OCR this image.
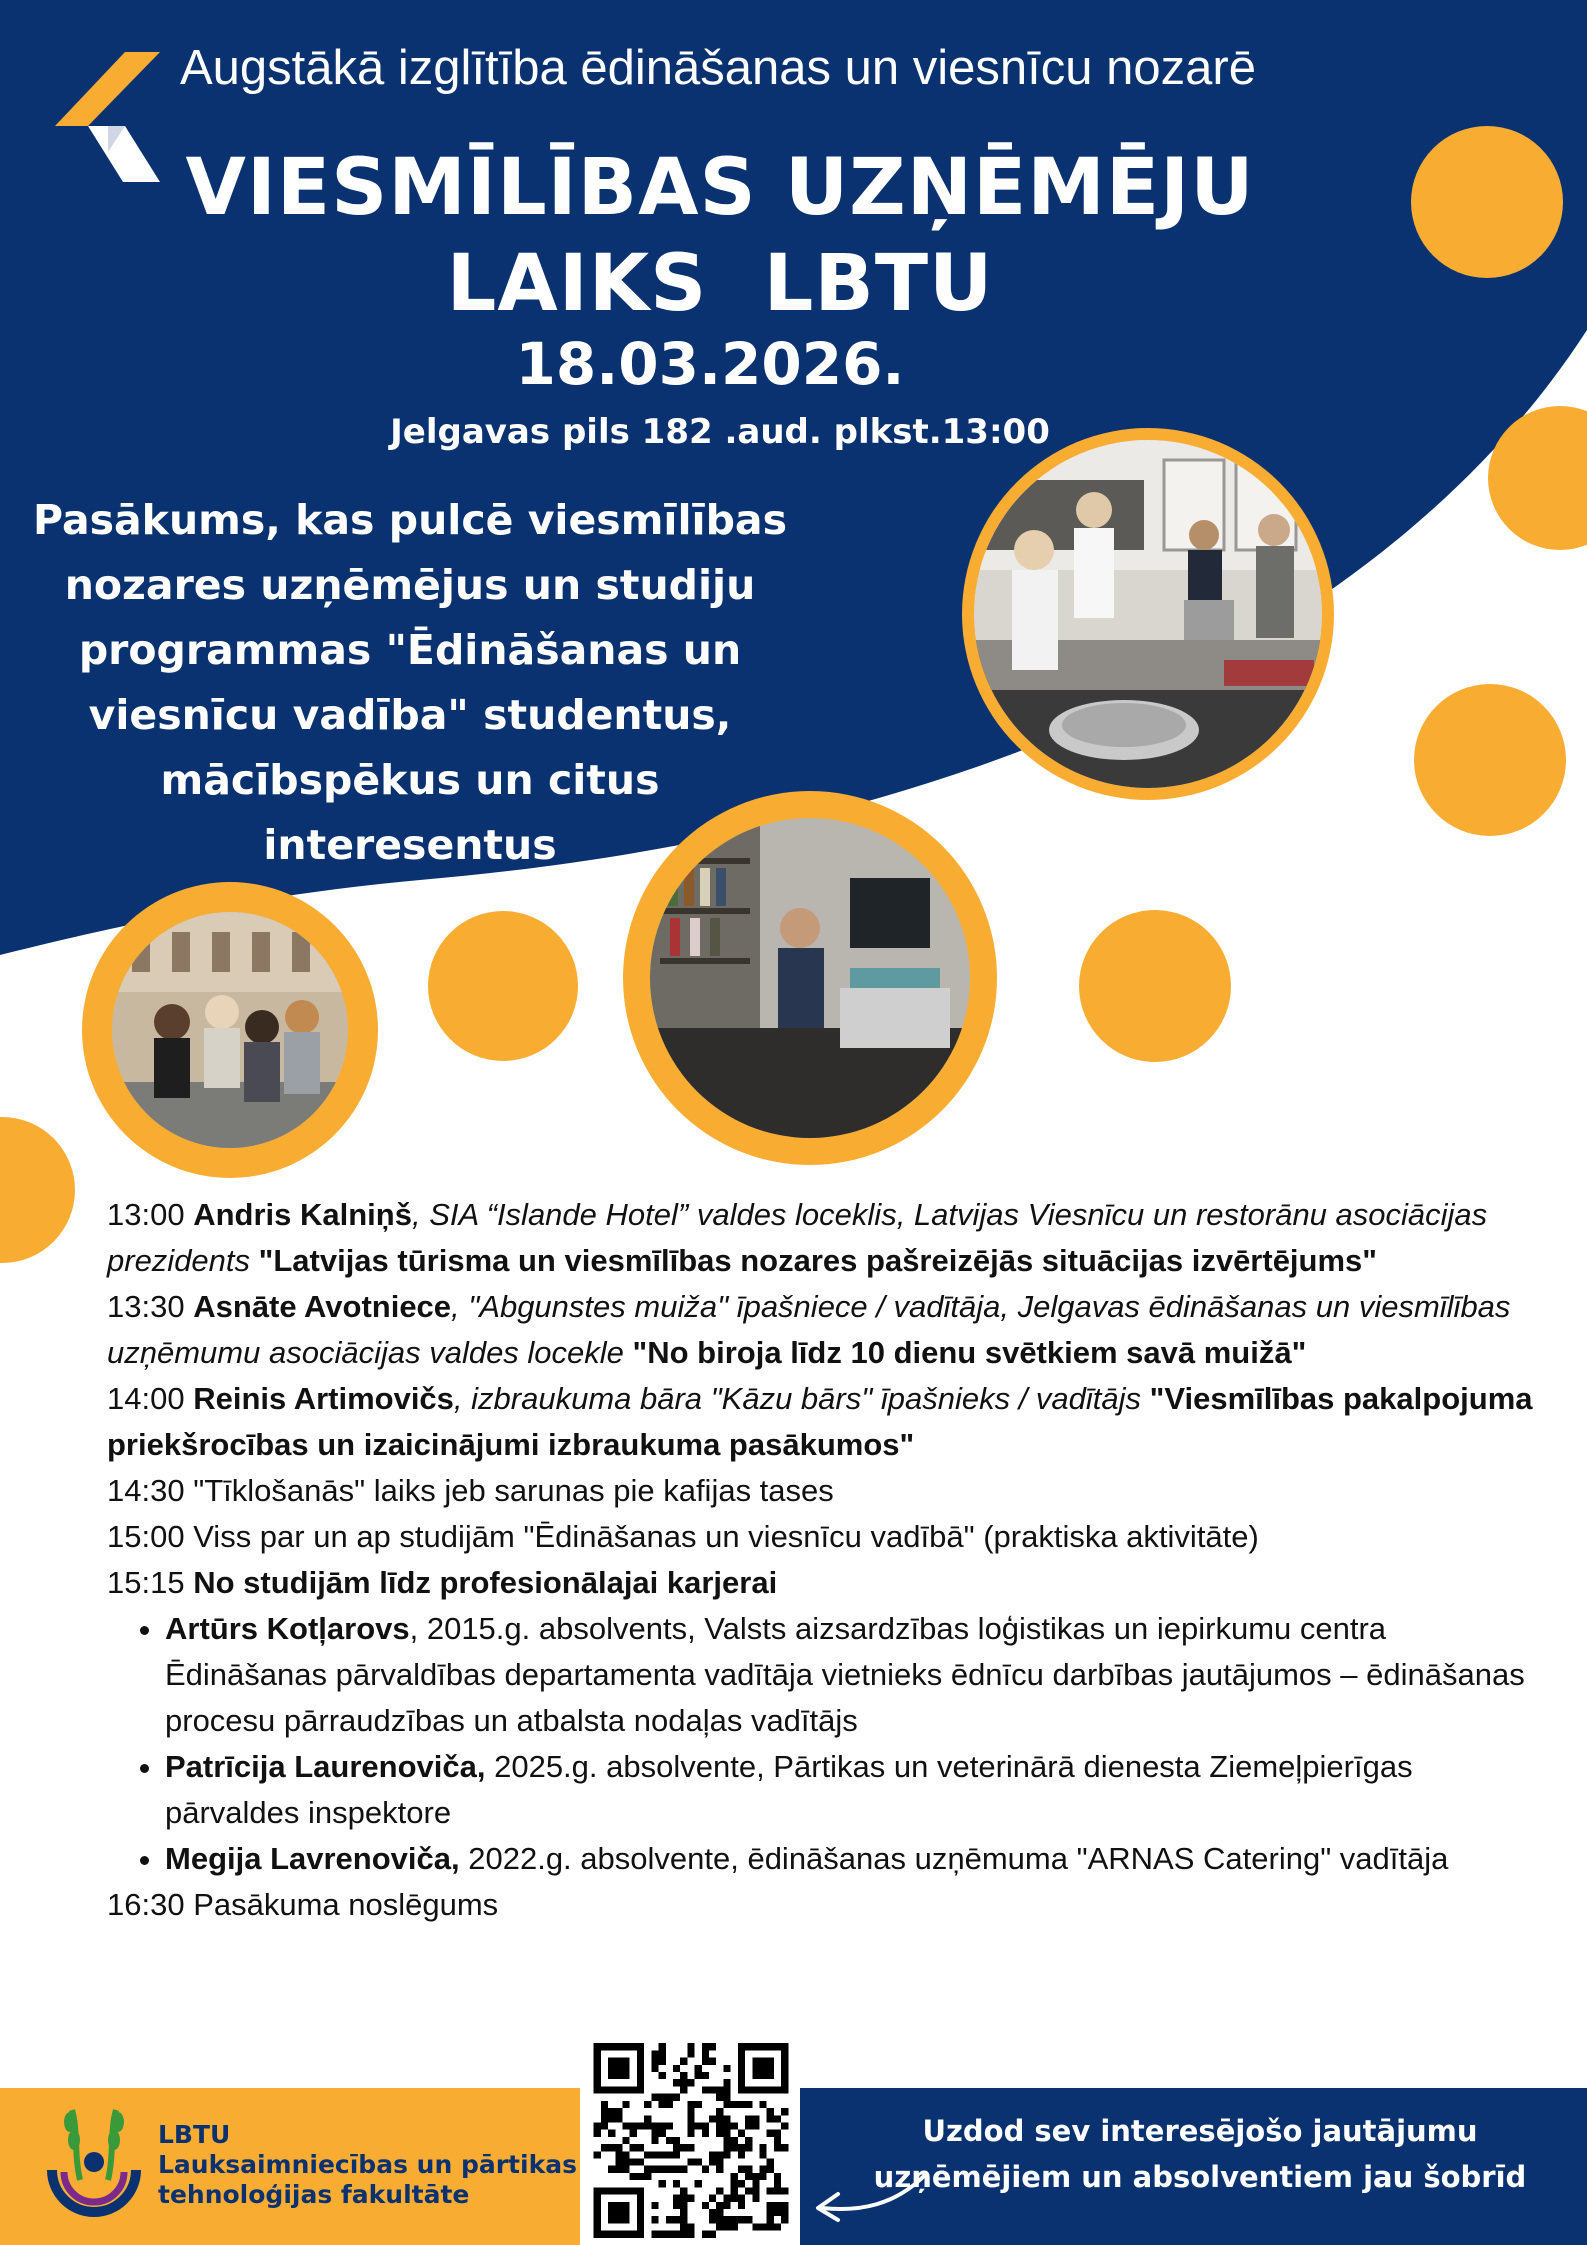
Augstākā izglītība ēdināšanas un viesnīcu nozarē
VIESMĪLĪBAS UZŅĒMĒJU
LAIKS  LBTU
18.03.2026.
Jelgavas pils 182 .aud. plkst.13:00
Pasākums, kas pulcē viesmīlības nozares uzņēmējus un studiju programmas "Ēdināšanas un viesnīcu vadība" studentus, mācībspēkus un citus interesentus

13:00 Andris Kalniņš, SIA “Islande Hotel” valdes loceklis, Latvijas Viesnīcu un restorānu asociācijas prezidents "Latvijas tūrisma un viesmīlības nozares pašreizējās situācijas izvērtējums"

13:30 Asnāte Avotniece, "Abgunstes muiža" īpašniece / vadītāja, Jelgavas ēdināšanas un viesmīlības uzņēmumu asociācijas valdes locekle "No biroja līdz 10 dienu svētkiem savā muižā"

14:00 Reinis Artimovičs, izbraukuma bāra "Kāzu bārs" īpašnieks / vadītājs "Viesmīlības pakalpojuma priekšrocības un izaicinājumi izbraukuma pasākumos"

14:30 "Tīklošanās" laiks jeb sarunas pie kafijas tases

15:00 Viss par un ap studijām "Ēdināšanas un viesnīcu vadībā" (praktiska aktivitāte)

15:15 No studijām līdz profesionālajai karjerai

• Artūrs Kotļarovs, 2015.g. absolvents, Valsts aizsardzības loģistikas un iepirkumu centra Ēdināšanas pārvaldības departamenta vadītāja vietnieks ēdnīcu darbības jautājumos – ēdināšanas procesu pārraudzības un atbalsta nodaļas vadītājs
• Patrīcija Laurenoviča, 2025.g. absolvente, Pārtikas un veterinārā dienesta Ziemeļpierīgas pārvaldes inspektore
• Megija Lavrenoviča, 2022.g. absolvente, ēdināšanas uzņēmuma "ARNAS Catering" vadītāja

16:30 Pasākuma noslēgums

LBTU
Lauksaimniecības un pārtikas
tehnoloģijas fakultāte
Uzdod sev interesējošo jautājumu
uzņēmējiem un absolventiem jau šobrīd
